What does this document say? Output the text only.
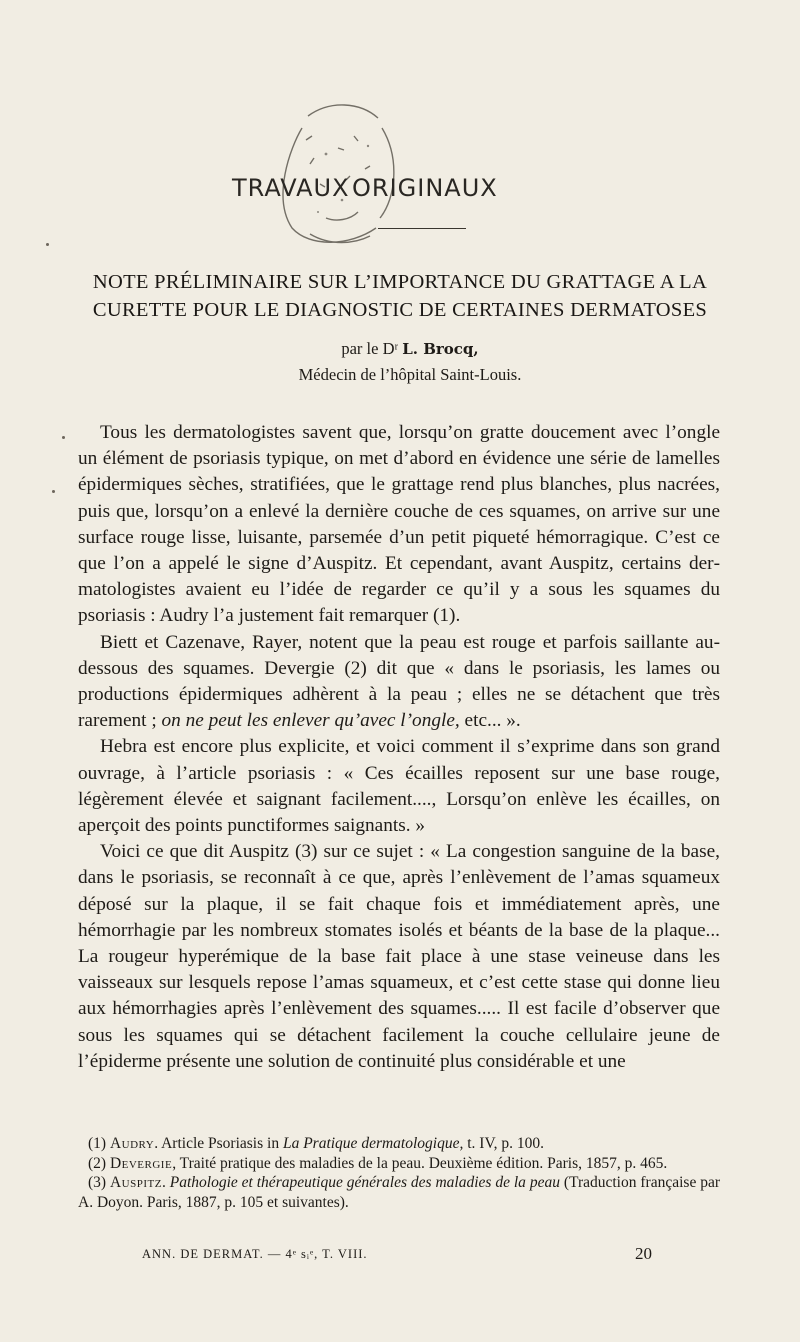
TRAVAUX ORIGINAUX
NOTE PRÉLIMINAIRE SUR L’IMPORTANCE DU GRATTAGE A LA
CURETTE POUR LE DIAGNOSTIC DE CERTAINES DERMATOSES
par le Dʳ L. Brocq,
Médecin de l’hôpital Saint-Louis.

Tous les dermatologistes savent que, lorsqu’on gratte doucement avec l’ongle un élément de psoriasis typique, on met d’abord en évidence une série de lamelles épidermiques sèches, stratifiées, que le grattage rend plus blanches, plus nacrées, puis que, lorsqu’on a enlevé la dernière couche de ces squames, on arrive sur une surface rouge lisse, luisante, parsemée d’un petit piqueté hémorragique. C’est ce que l’on a appelé le signe d’Auspitz. Et cependant, avant Auspitz, certains dermatologistes avaient eu l’idée de regarder ce qu’il y a sous les squames du psoriasis : Audry l’a justement fait remarquer (1).

Biett et Cazenave, Rayer, notent que la peau est rouge et parfois saillante au-dessous des squames. Devergie (2) dit que « dans le psoriasis, les lames ou productions épidermiques adhèrent à la peau ; elles ne se détachent que très rarement ; on ne peut les enlever qu’avec l’ongle, etc... ».

Hebra est encore plus explicite, et voici comment il s’exprime dans son grand ouvrage, à l’article psoriasis : « Ces écailles reposent sur une base rouge, légèrement élevée et saignant facilement...., Lorsqu’on enlève les écailles, on aperçoit des points punctiformes saignants. »

Voici ce que dit Auspitz (3) sur ce sujet : « La congestion sanguine de la base, dans le psoriasis, se reconnaît à ce que, après l’enlèvement de l’amas squameux déposé sur la plaque, il se fait chaque fois et immédiatement après, une hémorrhagie par les nombreux stomates isolés et béants de la base de la plaque... La rougeur hyperémique de la base fait place à une stase veineuse dans les vaisseaux sur lesquels repose l’amas squameux, et c’est cette stase qui donne lieu aux hémorrhagies après l’enlèvement des squames..... Il est facile d’observer que sous les squames qui se détachent facilement la couche cellulaire jeune de l’épiderme présente une solution de continuité plus considérable et une

(1) Audry. Article Psoriasis in La Pratique dermatologique, t. IV, p. 100.

(2) Devergie, Traité pratique des maladies de la peau. Deuxième édition. Paris, 1857, p. 465.

(3) Auspitz. Pathologie et thérapeutique générales des maladies de la peau (Traduction française par A. Doyon. Paris, 1887, p. 105 et suivantes).

ANN. DE DERMAT. — 4ᵉ sᵢᵉ, T. VIII.	20
